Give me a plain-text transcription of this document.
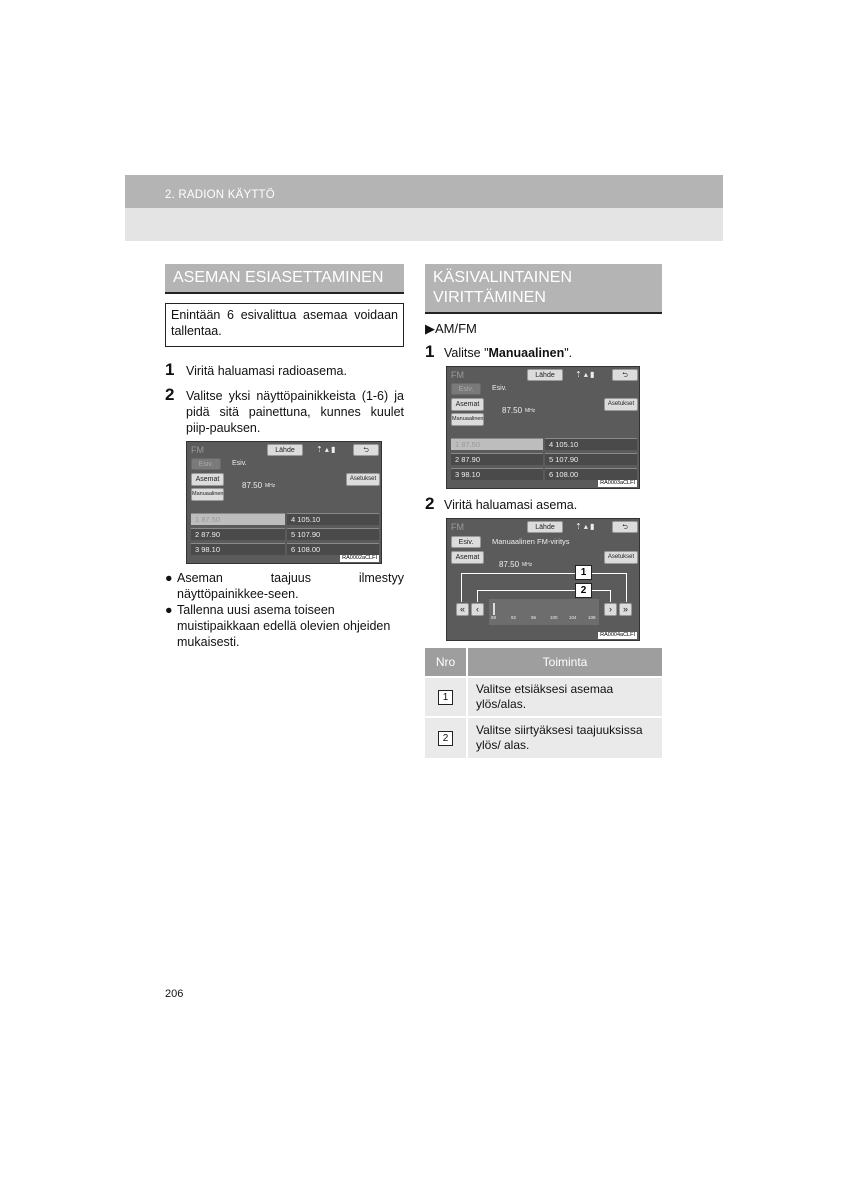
2. RADION KÄYTTÖ
ASEMAN ESIASETTAMINEN
Enintään 6 esivalittua asemaa voidaan tallentaa.
1 Viritä haluamasi radioasema.
2 Valitse yksi näyttöpainikkeista (1-6) ja pidä sitä painettuna, kunnes kuulet piip-pauksen.
FM	Lähde	⇡ ▴ ▮	⮌
Esiv.	Esiv.
Asemat
Manuaalinen
87.50 MHz
Asetukset
1 87.50	4 105.10
2 87.90	5 107.90
3 98.10	6 108.00
RA0002aCLFI
● Aseman taajuus ilmestyy näyttöpainikkee-seen.
● Tallenna uusi asema toiseen muistipaikkaan edellä olevien ohjeiden mukaisesti.
KÄSIVALINTAINEN VIRITTÄMINEN
▶AM/FM
1 Valitse "Manuaalinen".
FM	Lähde	⇡ ▴ ▮	⮌
Esiv.	Esiv.
Asemat
Manuaalinen
87.50 MHz
Asetukset
1 87.50	4 105.10
2 87.90	5 107.90
3 98.10	6 108.00
RA0003aCLFI
2 Viritä haluamasi asema.
FM	Lähde	⇡ ▴ ▮	⮌
Esiv.
Asemat
Manuaalinen FM-viritys
87.50 MHz
Asetukset
«	‹
88	92	96	100	104	108
›	»
1
2
RA0004aCLFI
Nro	Toiminta
1	Valitse etsiäksesi asemaa ylös/alas.
2	Valitse siirtyäksesi taajuuksissa ylös/ alas.
206
